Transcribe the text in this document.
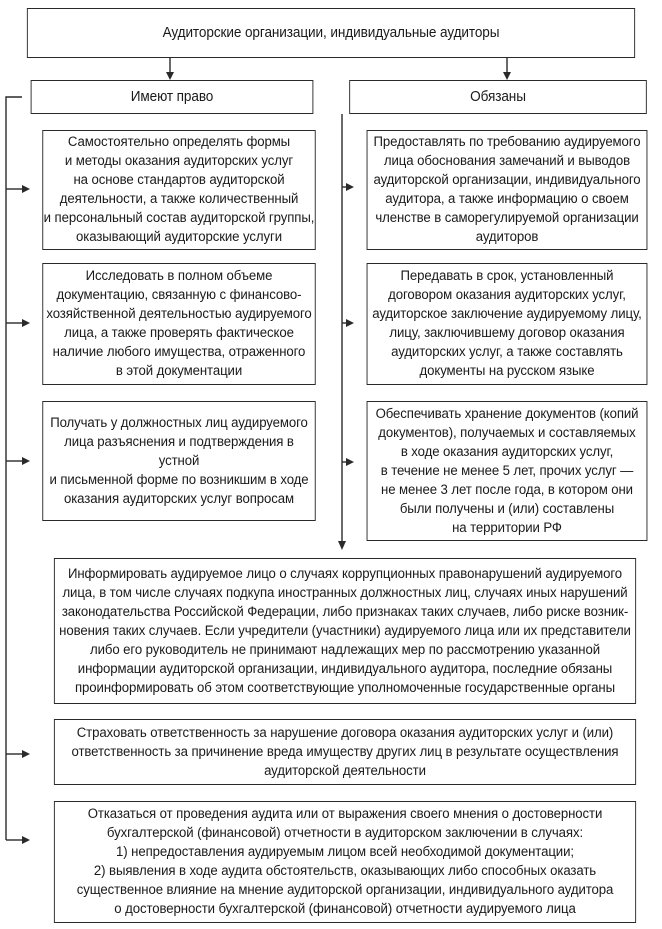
Аудиторские организации, индивидуальные аудиторы
Имеют право	Обязаны
Самостоятельно определять формы
и методы оказания аудиторских услуг
на основе стандартов аудиторской
деятельности, а также количественный
и персональный состав аудиторской группы,
оказывающий аудиторские услуги
Исследовать в полном объеме
документацию, связанную с финансово-
хозяйственной деятельностью аудируемого
лица, а также проверять фактическое
наличие любого имущества, отраженного
в этой документации
Получать у должностных лиц аудируемого
лица разъяснения и подтверждения в устной
и письменной форме по возникшим в ходе
оказания аудиторских услуг вопросам
Предоставлять по требованию аудируемого
лица обоснования замечаний и выводов
аудиторской организации, индивидуального
аудитора, а также информацию о своем
членстве в саморегулируемой организации
аудиторов
Передавать в срок, установленный
договором оказания аудиторских услуг,
аудиторское заключение аудируемому лицу,
лицу, заключившему договор оказания
аудиторских услуг, а также составлять
документы на русском языке
Обеспечивать хранение документов (копий
документов), получаемых и составляемых
в ходе оказания аудиторских услуг,
в течение не менее 5 лет, прочих услуг —
не менее 3 лет после года, в котором они
были получены и (или) составлены
на территории РФ
Информировать аудируемое лицо о случаях коррупционных правонарушений аудируемого
лица, в том числе случаях подкупа иностранных должностных лиц, случаях иных нарушений
законодательства Российской Федерации, либо признаках таких случаев, либо риске возник-
новения таких случаев. Если учредители (участники) аудируемого лица или их представители
либо его руководитель не принимают надлежащих мер по рассмотрению указанной
информации аудиторской организации, индивидуального аудитора, последние обязаны
проинформировать об этом соответствующие уполномоченные государственные органы
Страховать ответственность за нарушение договора оказания аудиторских услуг и (или)
ответственность за причинение вреда имуществу других лиц в результате осуществления
аудиторской деятельности
Отказаться от проведения аудита или от выражения своего мнения о достоверности
бухгалтерской (финансовой) отчетности в аудиторском заключении в случаях:
1) непредоставления аудируемым лицом всей необходимой документации;
2) выявления в ходе аудита обстоятельств, оказывающих либо способных оказать
существенное влияние на мнение аудиторской организации, индивидуального аудитора
о достоверности бухгалтерской (финансовой) отчетности аудируемого лица
